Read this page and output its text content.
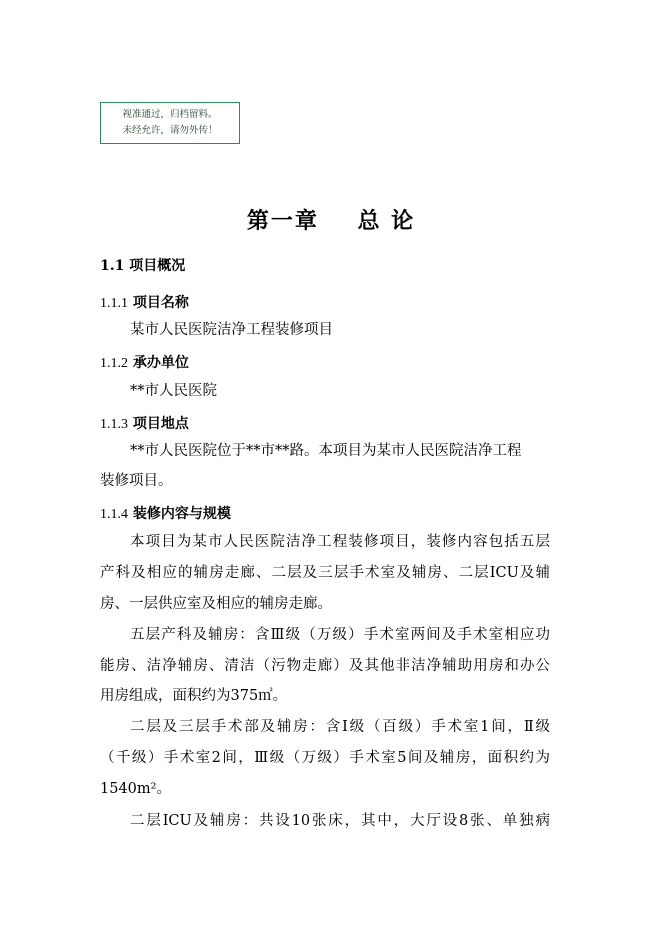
视准通过，归档留料。
未经允许，请勿外传！
第一章    总 论
1.1 项目概况
1.1.1 项目名称
某市人民医院洁净工程装修项目
1.1.2 承办单位
**市人民医院
1.1.3 项目地点
**市人民医院位于**市**路。本项目为某市人民医院洁净工程
装修项目。
1.1.4 装修内容与规模
本项目为某市人民医院洁净工程装修项目，装修内容包括五层
产科及相应的辅房走廊、二层及三层手术室及辅房、二层ICU及辅
房、一层供应室及相应的辅房走廊。
五层产科及辅房：含Ⅲ级（万级）手术室两间及手术室相应功
能房、洁净辅房、清洁（污物走廊）及其他非洁净辅助用房和办公
用房组成，面积约为375㎡。
二层及三层手术部及辅房：含Ⅰ级（百级）手术室1间，Ⅱ级
（千级）手术室2间，Ⅲ级（万级）手术室5间及辅房，面积约为
1540m²。
二层ICU及辅房：共设10张床，其中，大厅设8张、单独病
